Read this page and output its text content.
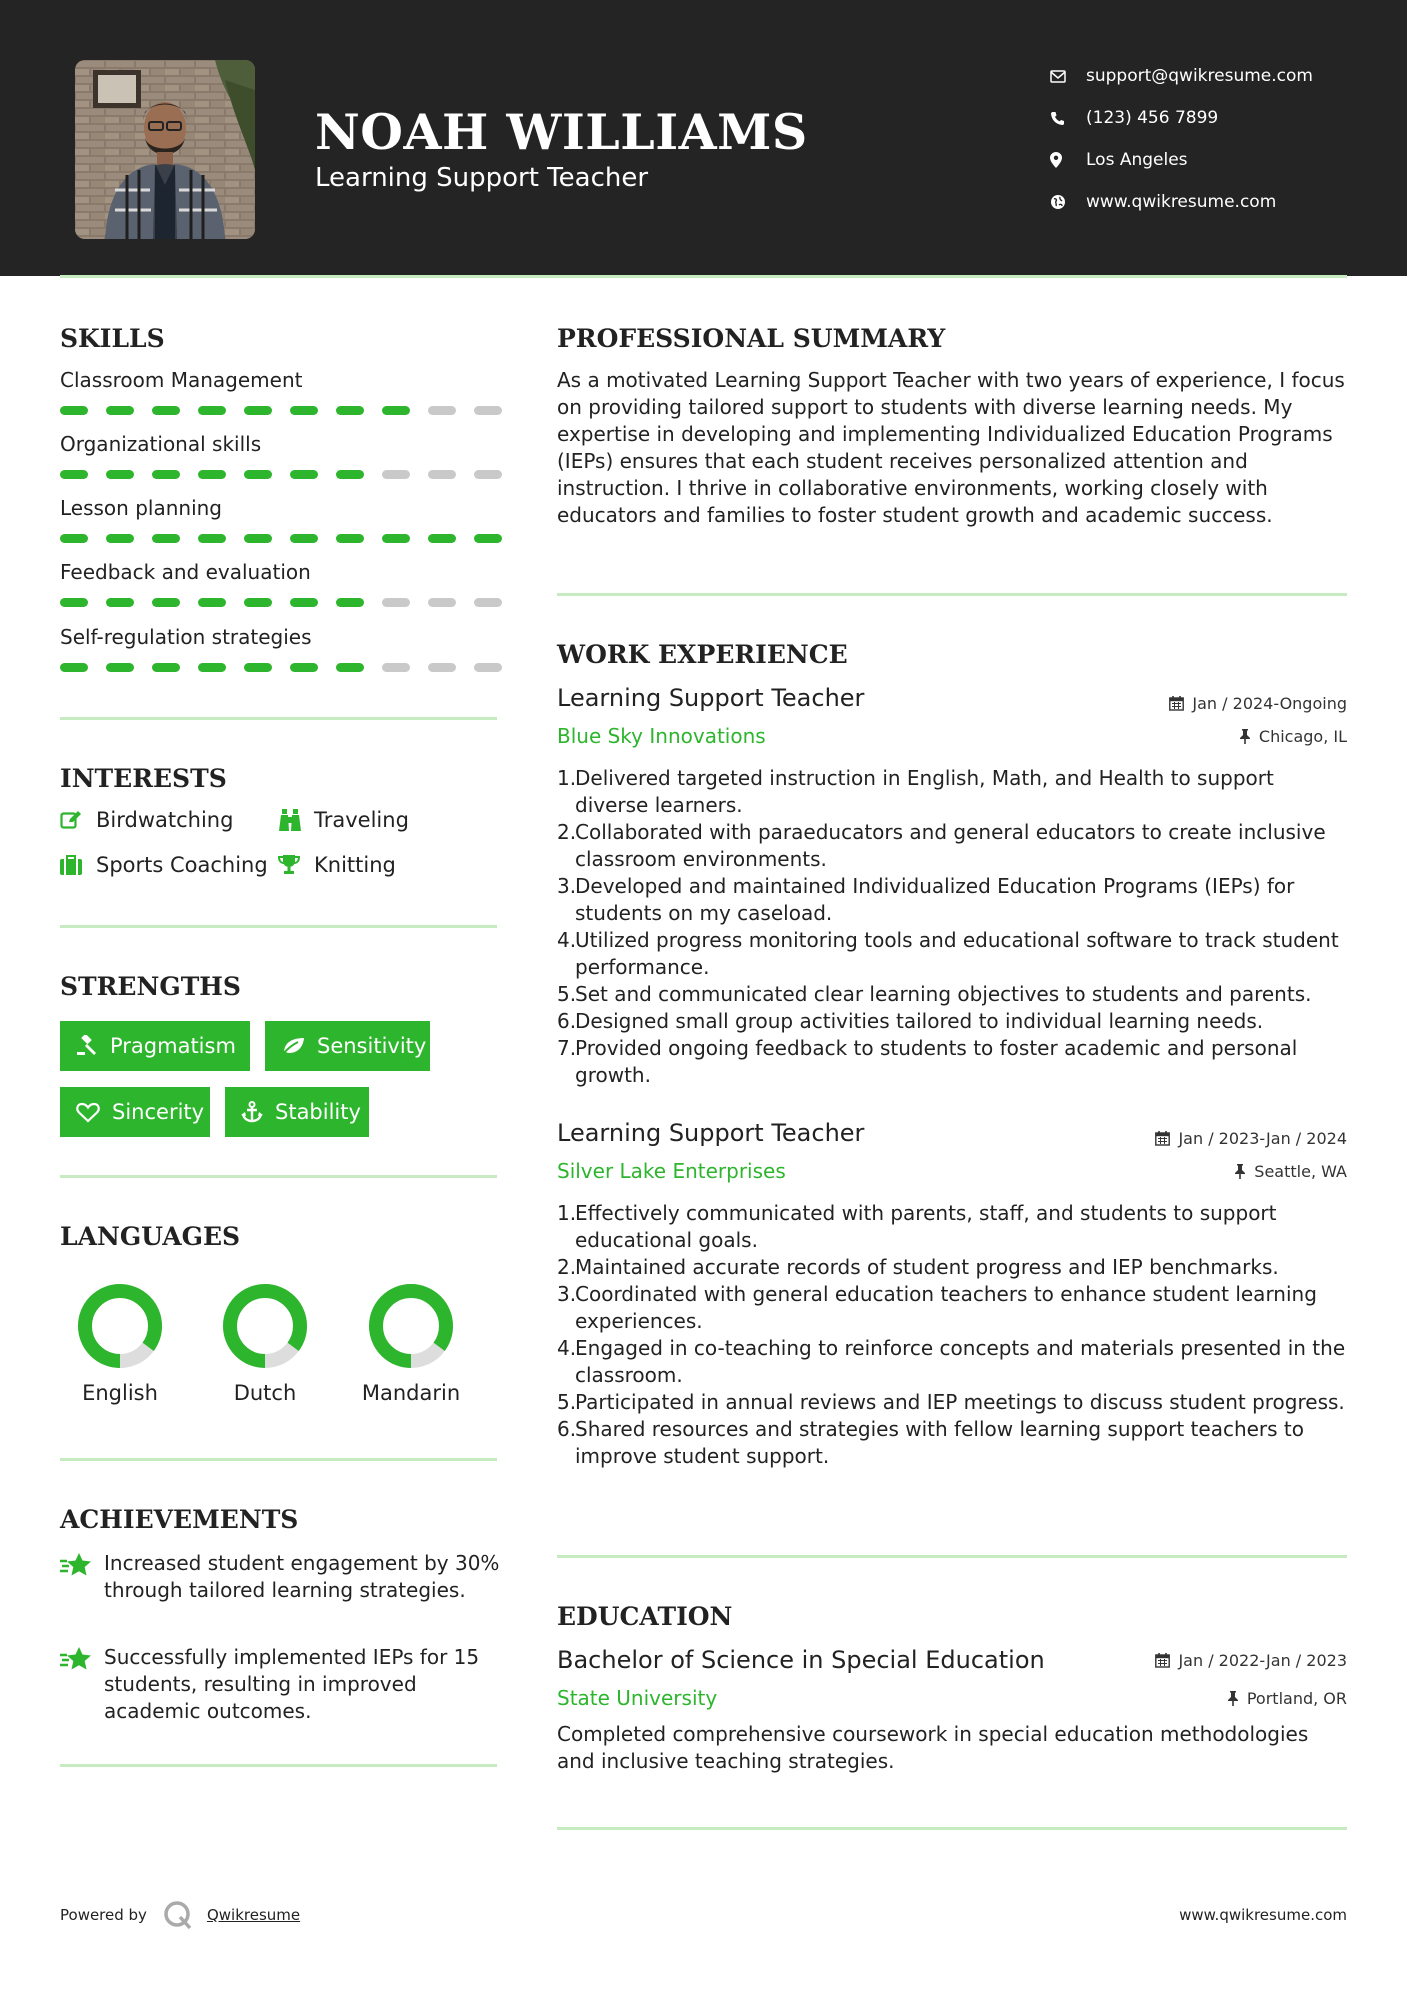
NOAH WILLIAMS
Learning Support Teacher
support@qwikresume.com
(123) 456 7899
Los Angeles
www.qwikresume.com
SKILLS
Classroom Management
Organizational skills
Lesson planning
Feedback and evaluation
Self-regulation strategies
INTERESTS
Birdwatching	Traveling
Sports Coaching Knitting
STRENGTHS
Pragmatism	Sensitivity
Sincerity	Stability
LANGUAGES
English	Dutch	Mandarin
ACHIEVEMENTS
Increased student engagement by 30% through tailored learning strategies.
Successfully implemented IEPs for 15 students, resulting in improved academic outcomes.
PROFESSIONAL SUMMARY
As a motivated Learning Support Teacher with two years of experience, I focus on providing tailored support to students with diverse learning needs. My expertise in developing and implementing Individualized Education Programs (IEPs) ensures that each student receives personalized attention and instruction. I thrive in collaborative environments, working closely with educators and families to foster student growth and academic success.
WORK EXPERIENCE
Learning Support Teacher	Jan / 2024-Ongoing
Blue Sky Innovations	Chicago, IL
1.
Delivered targeted instruction in English, Math, and Health to support diverse learners.
2.
Collaborated with paraeducators and general educators to create inclusive classroom environments.
3.
Developed and maintained Individualized Education Programs (IEPs) for students on my caseload.
4.
Utilized progress monitoring tools and educational software to track student performance.
5.
Set and communicated clear learning objectives to students and parents.
6.
Designed small group activities tailored to individual learning needs.
7.
Provided ongoing feedback to students to foster academic and personal growth.
Learning Support Teacher	Jan / 2023-Jan / 2024
Silver Lake Enterprises	Seattle, WA
1.
Effectively communicated with parents, staff, and students to support educational goals.
2.
Maintained accurate records of student progress and IEP benchmarks.
3.
Coordinated with general education teachers to enhance student learning experiences.
4.
Engaged in co-teaching to reinforce concepts and materials presented in the classroom.
5.
Participated in annual reviews and IEP meetings to discuss student progress.
6.
Shared resources and strategies with fellow learning support teachers to improve student support.
EDUCATION
Bachelor of Science in Special Education	Jan / 2022-Jan / 2023
State University	Portland, OR
Completed comprehensive coursework in special education methodologies and inclusive teaching strategies.
Powered by	Qwikresume	www.qwikresume.com
